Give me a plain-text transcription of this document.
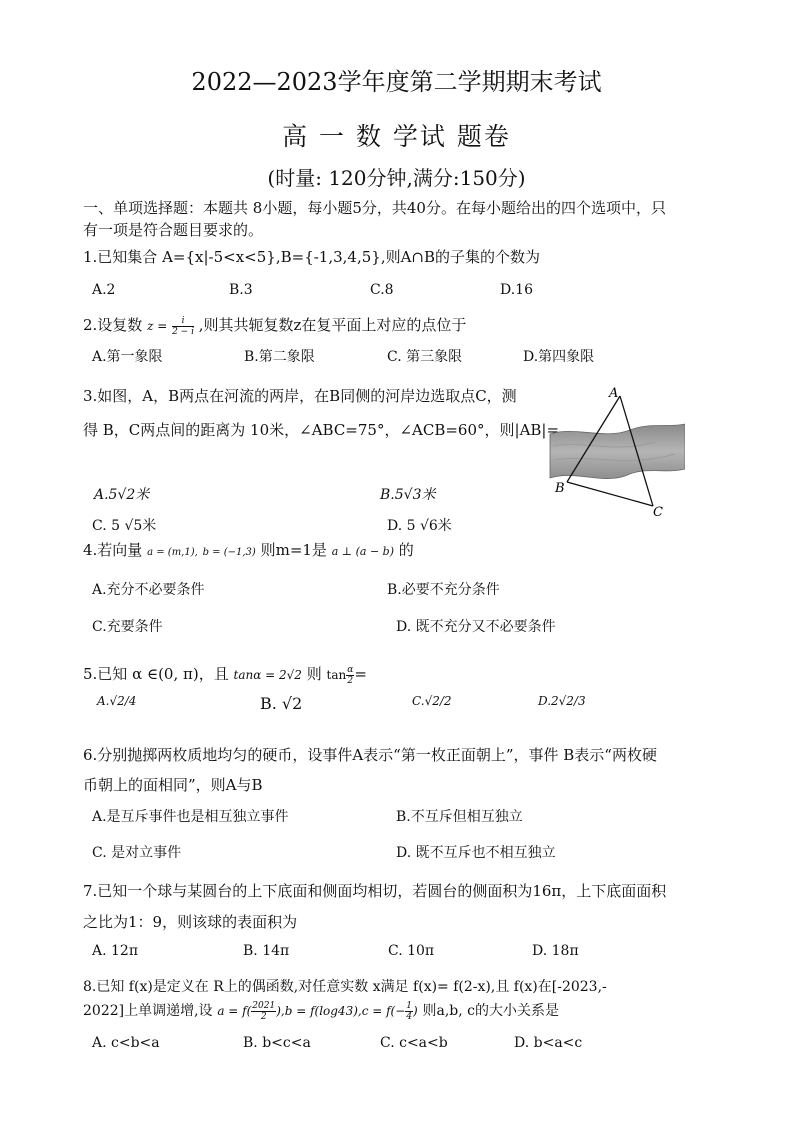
2022—2023学年度第二学期期末考试
高 一 数 学试 题卷
(时量: 120分钟,满分:150分)
一、单项选择题：本题共 8小题，每小题5分，共40分。在每小题给出的四个选项中，只
有一项是符合题目要求的。
1.已知集合 A={x|-5<x<5},B={-1,3,4,5},则A∩B的子集的个数为
A.2	B.3	C.8	D.16
2.设复数 $z = \frac{i}{2 - i}$ ,则其共轭复数z在复平面上对应的点位于
A.第一象限	B.第二象限	C. 第三象限	D.第四象限
3.如图，A，B两点在河流的两岸，在B同侧的河岸边选取点C，测
得 B，C两点间的距离为 10米，∠ABC=75°，∠ACB=60°，则|AB|=
A.5√2米	B.5√3米
C. 5 √5米	D. 5 √6米
A
B
C
4.若向量 a = (m,1), b = (−1,3) 则m=1是 a ⊥ (a − b) 的
A.充分不必要条件	B.必要不充分条件
C.充要条件	D. 既不充分又不必要条件
5.已知 α ∈(0, π)，且 tanα = 2√2 则 $\tan \frac{\alpha}{2}$ =
A.√2/4	B. √2	C.√2/2	D.2√2/3
6.分别抛掷两枚质地均匀的硬币，设事件A表示“第一枚正面朝上”，事件 B表示“两枚硬
币朝上的面相同”，则A与B
A.是互斥事件也是相互独立事件	B.不互斥但相互独立
C. 是对立事件	D. 既不互斥也不相互独立
7.已知一个球与某圆台的上下底面和侧面均相切，若圆台的侧面积为16π，上下底面面积
之比为1：9，则该球的表面积为
A. 12π	B. 14π	C. 10π	D. 18π
8.已知 f(x)是定义在 R上的偶函数,对任意实数 x满足 f(x)= f(2-x),且 f(x)在[-2023,-
2022]上单调递增,设 $a = f( \frac{2021}{2} ),b = f(\log 43),c = f(- \frac{1}{4}$ ) 则a,b, c的大小关系是
A. c<b<a	B. b<c<a	C. c<a<b	D. b<a<c
